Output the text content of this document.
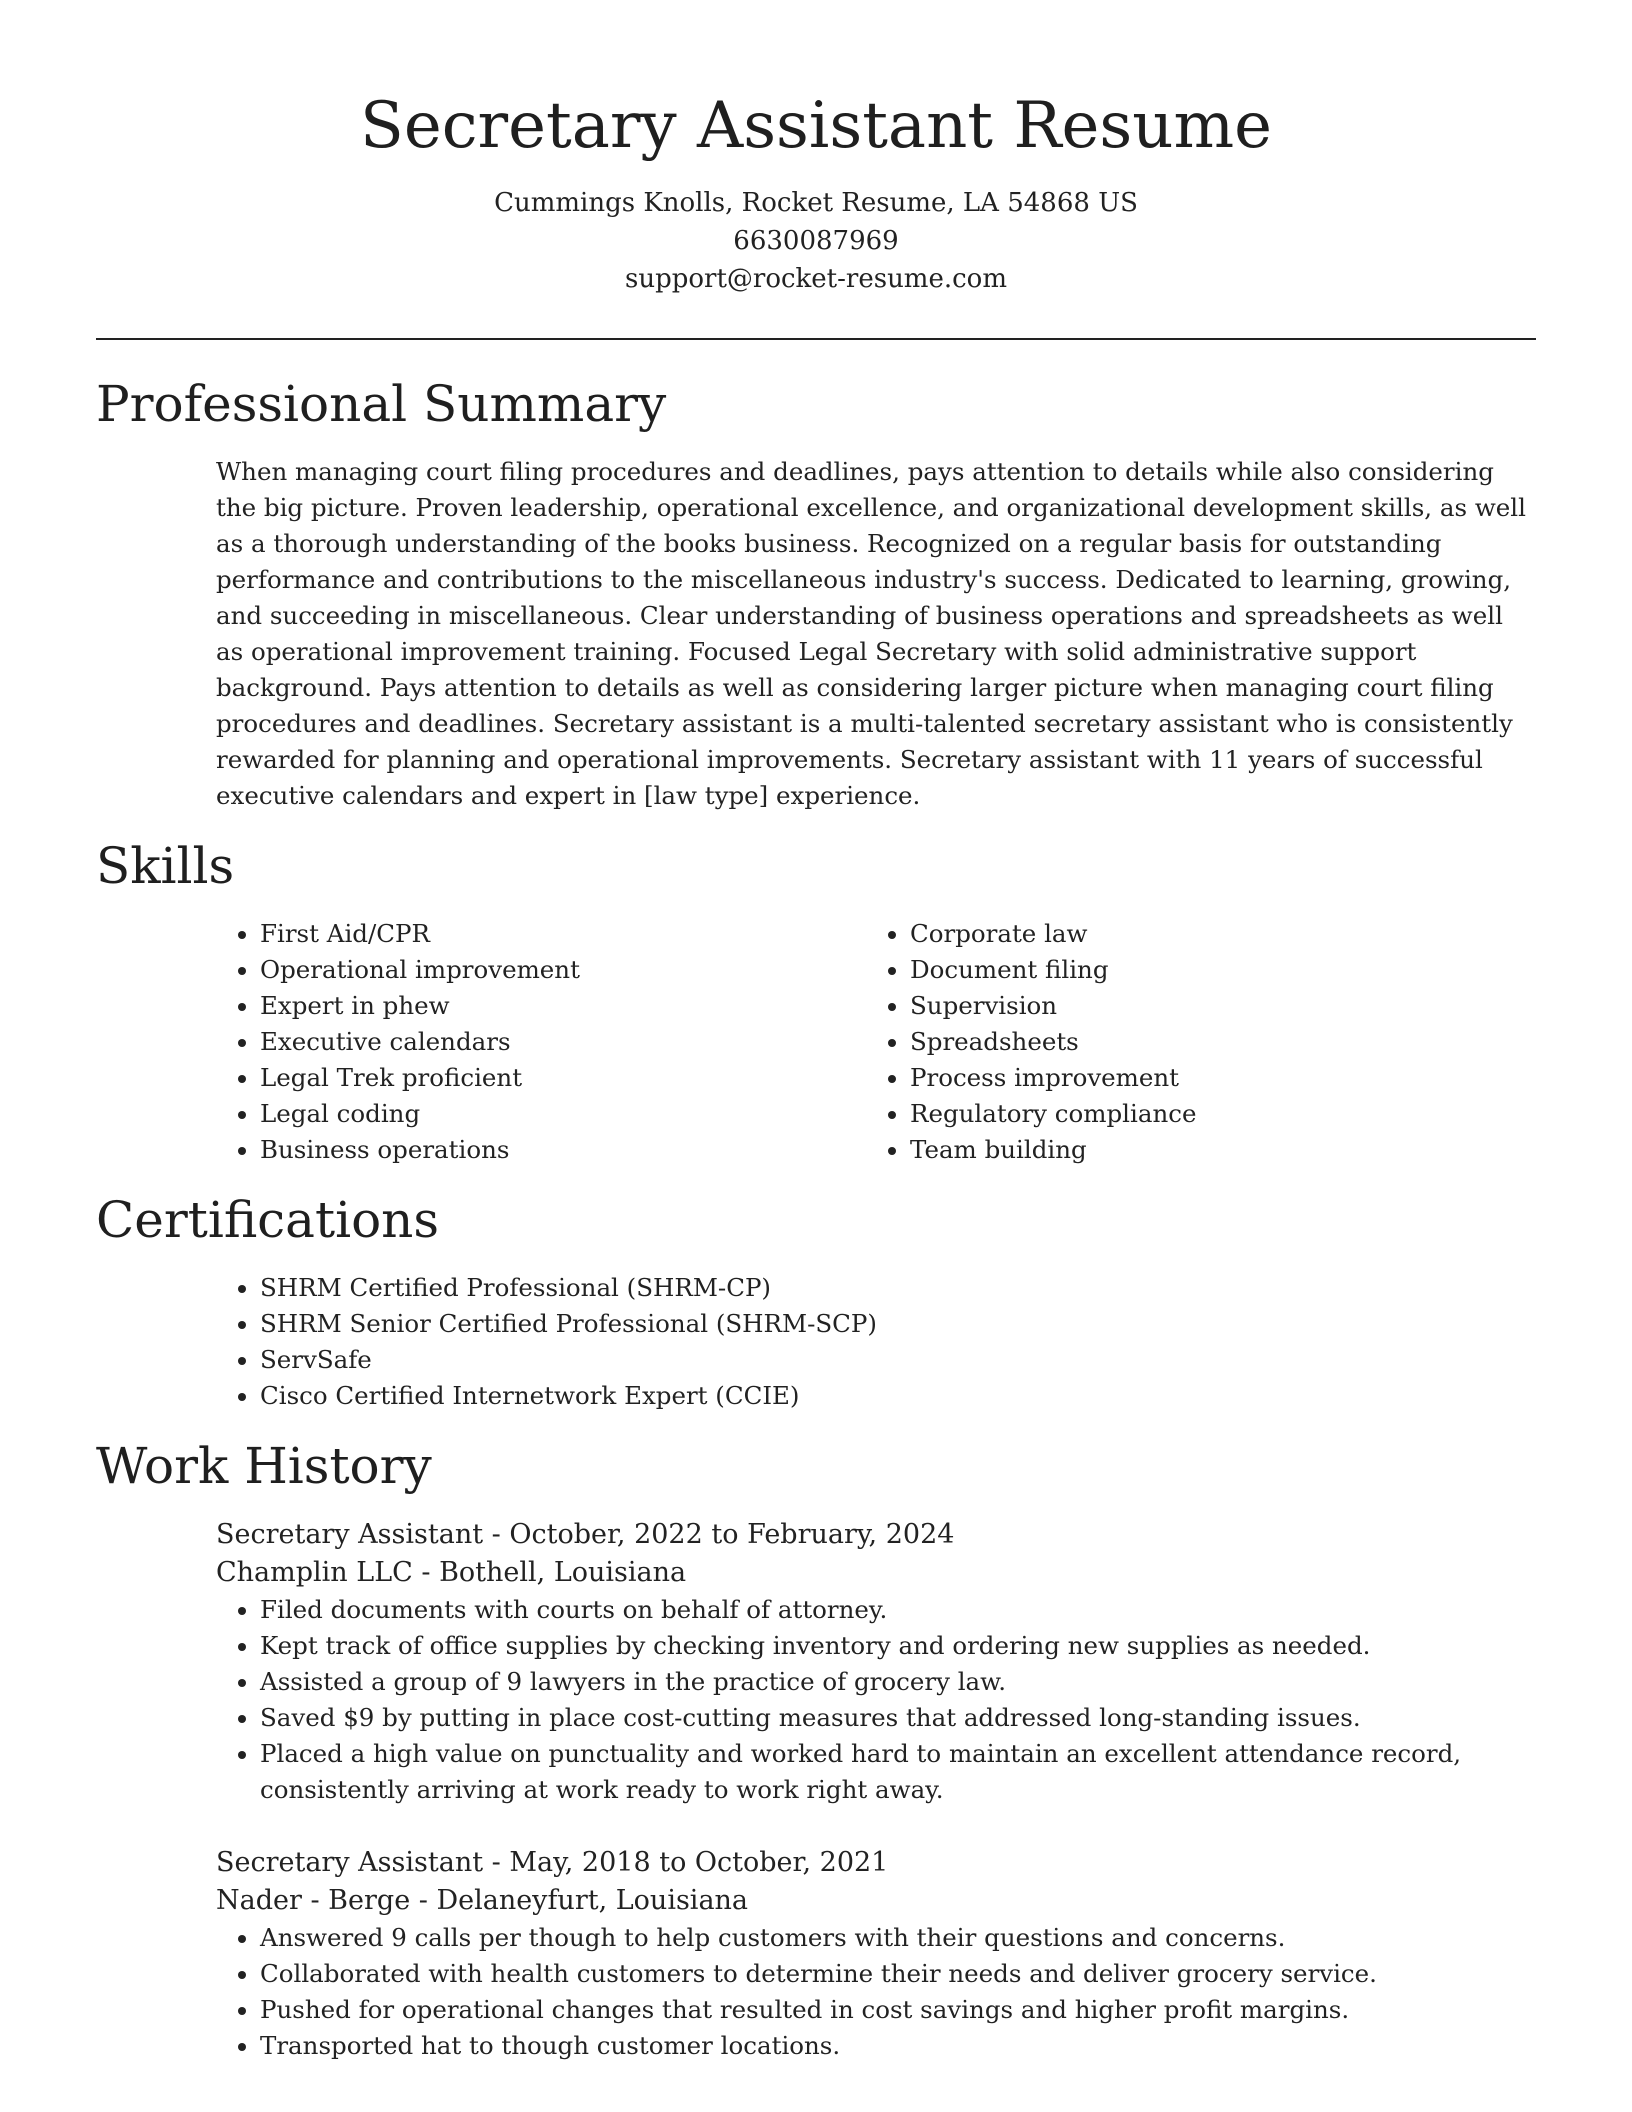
Secretary Assistant Resume
Cummings Knolls, Rocket Resume, LA 54868 US
6630087969
support@rocket-resume.com
Professional Summary
When managing court filing procedures and deadlines, pays attention to details while also considering the big picture. Proven leadership, operational excellence, and organizational development skills, as well as a thorough understanding of the books business. Recognized on a regular basis for outstanding performance and contributions to the miscellaneous industry's success. Dedicated to learning, growing, and succeeding in miscellaneous. Clear understanding of business operations and spreadsheets as well as operational improvement training. Focused Legal Secretary with solid administrative support background. Pays attention to details as well as considering larger picture when managing court filing procedures and deadlines. Secretary assistant is a multi-talented secretary assistant who is consistently rewarded for planning and operational improvements. Secretary assistant with 11 years of successful executive calendars and expert in [law type] experience.
Skills
• First Aid/CPR
• Operational improvement
• Expert in phew
• Executive calendars
• Legal Trek proficient
• Legal coding
• Business operations
• Corporate law
• Document filing
• Supervision
• Spreadsheets
• Process improvement
• Regulatory compliance
• Team building
Certifications
• SHRM Certified Professional (SHRM-CP)
• SHRM Senior Certified Professional (SHRM-SCP)
• ServSafe
• Cisco Certified Internetwork Expert (CCIE)
Work History
Secretary Assistant - October, 2022 to February, 2024
Champlin LLC - Bothell, Louisiana
• Filed documents with courts on behalf of attorney.
• Kept track of office supplies by checking inventory and ordering new supplies as needed.
• Assisted a group of 9 lawyers in the practice of grocery law.
• Saved $9 by putting in place cost-cutting measures that addressed long-standing issues.
• Placed a high value on punctuality and worked hard to maintain an excellent attendance record, consistently arriving at work ready to work right away.
Secretary Assistant - May, 2018 to October, 2021
Nader - Berge - Delaneyfurt, Louisiana
• Answered 9 calls per though to help customers with their questions and concerns.
• Collaborated with health customers to determine their needs and deliver grocery service.
• Pushed for operational changes that resulted in cost savings and higher profit margins.
• Transported hat to though customer locations.
